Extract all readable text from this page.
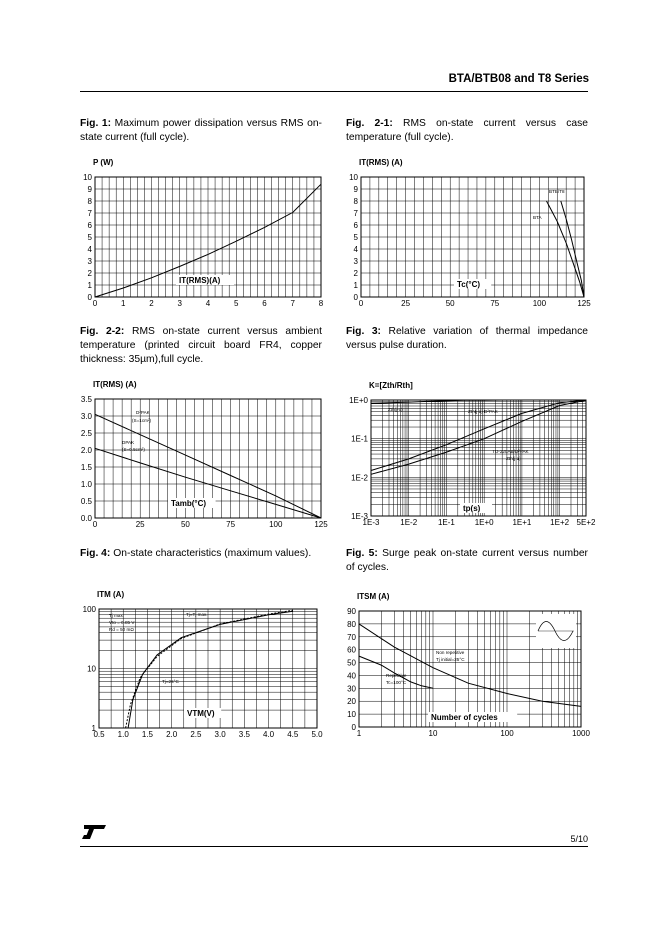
BTA/BTB08 and T8 Series
Fig. 1: Maximum power dissipation versus RMS on-state current (full cycle).
Fig. 2-1: RMS on-state current versus case temperature (full cycle).
Fig. 2-2: RMS on-state current versus ambient temperature (printed circuit board FR4, copper thickness: 35µm),full cycle.
Fig. 3: Relative variation of thermal impedance versus pulse duration.
Fig. 4: On-state characteristics (maximum values).	Fig. 5: Surge peak on-state current versus number of cycles.
0	1	2	3	4	5	6	7	8
0
1
2
3
4
5
6
7
8
9
10
P (W)
IT(RMS)(A)
0	25	50	75	100	125
0
1
2
3
4
5
6
7
8
9
10
IT(RMS) (A)
Tc(°C)
BTB/T8
BTA
0	25	50	75	100	125
0.0
0.5
1.0
1.5
2.0
2.5
3.0
3.5
IT(RMS) (A)
Tamb(°C)
D²PAK
(S=1cm²)
DPAK
(S=0.5cm²)
1E-3	1E-2	1E-1 1E+0 1E+1 1E+2 5E+2
1E-3
1E-2
1E-1
1E+0
K=[Zth/Rth]
tp(s)
Zth(j-c)	Zth(j-a) D²PAK
TO-220AB/D²PAK
Zth(j-a)
0.5 1.0 1.5 2.0 2.5 3.0 3.5 4.0 4.5 5.0
1
10
100
ITM (A)
VTM(V)
Tj max.
Vto = 0.85 V
Rd = 50 mΩ
Tj=Tj max.
Tj=25°C
1	10	100	1000
0
10
20
30
40
50
60
70
80
90
ITSM (A)
Number of cycles
Non repetitive
Tj initial=25°C
Repetitive
Tc=100°C
5/10
